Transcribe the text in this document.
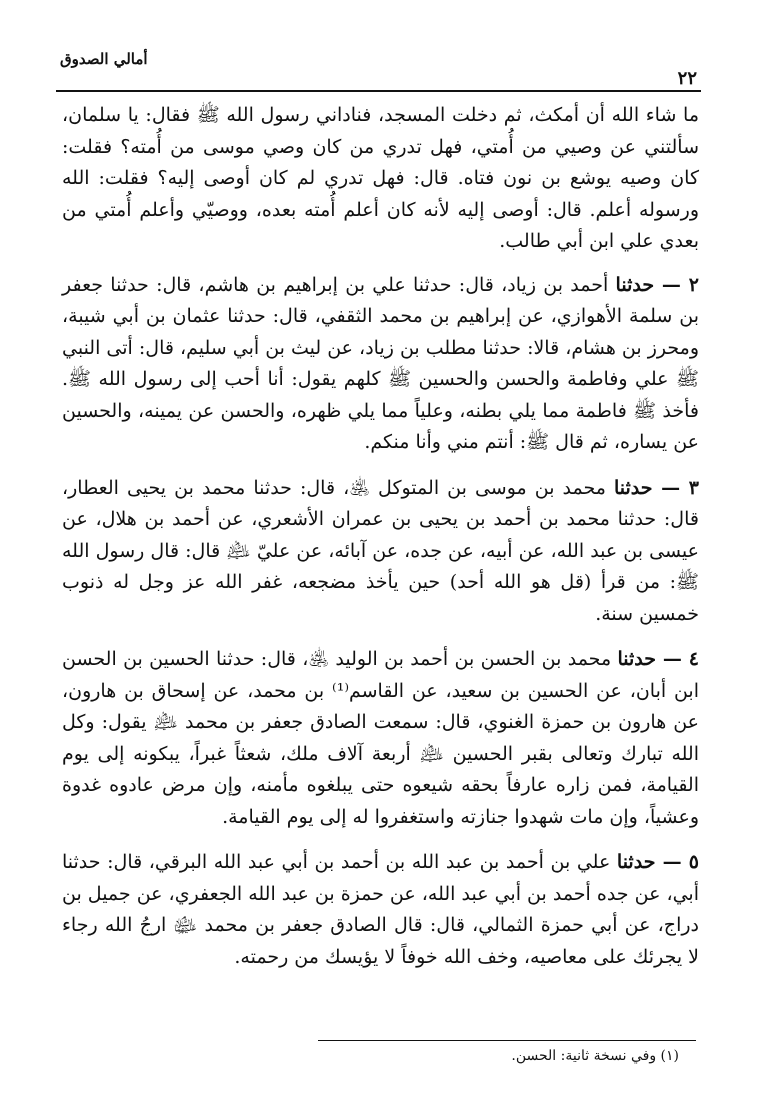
أمالي الصدوق
٢٢

ما شاء الله أن أمكث، ثم دخلت المسجد، فناداني رسول الله ﷺ فقال: يا سلمان، سألتني عن وصيي من أُمتي، فهل تدري من كان وصي موسى من أُمته؟ فقلت: كان وصيه يوشع بن نون فتاه. قال: فهل تدري لم كان أوصى إليه؟ فقلت: الله ورسوله أعلم. قال: أوصى إليه لأنه كان أعلم أُمته بعده، ووصيّي وأعلم أُمتي من بعدي علي ابن أبي طالب.

٢ — حدثنا أحمد بن زياد، قال: حدثنا علي بن إبراهيم بن هاشم، قال: حدثنا جعفر بن سلمة الأهوازي، عن إبراهيم بن محمد الثقفي، قال: حدثنا عثمان بن أبي شيبة، ومحرز بن هشام، قالا: حدثنا مطلب بن زياد، عن ليث بن أبي سليم، قال: أتى النبي ﷺ علي وفاطمة والحسن والحسين ﷺ كلهم يقول: أنا أحب إلى رسول الله ﷺ. فأخذ ﷺ فاطمة مما يلي بطنه، وعلياً مما يلي ظهره، والحسن عن يمينه، والحسين عن يساره، ثم قال ﷺ: أنتم مني وأنا منكم.

٣ — حدثنا محمد بن موسى بن المتوكل ﵁، قال: حدثنا محمد بن يحيى العطار، قال: حدثنا محمد بن أحمد بن يحيى بن عمران الأشعري، عن أحمد بن هلال، عن عيسى بن عبد الله، عن أبيه، عن جده، عن آبائه، عن عليّ ﵇ قال: قال رسول الله ﷺ: من قرأ (قل هو الله أحد) حين يأخذ مضجعه، غفر الله عز وجل له ذنوب خمسين سنة.

٤ — حدثنا محمد بن الحسن بن أحمد بن الوليد ﵁، قال: حدثنا الحسين بن الحسن ابن أبان، عن الحسين بن سعيد، عن القاسم⁽¹⁾ بن محمد، عن إسحاق بن هارون، عن هارون بن حمزة الغنوي، قال: سمعت الصادق جعفر بن محمد ﵇ يقول: وكل الله تبارك وتعالى بقبر الحسين ﵇ أربعة آلاف ملك، شعثاً غبراً، يبكونه إلى يوم القيامة، فمن زاره عارفاً بحقه شيعوه حتى يبلغوه مأمنه، وإن مرض عادوه غدوة وعشياً، وإن مات شهدوا جنازته واستغفروا له إلى يوم القيامة.

٥ — حدثنا علي بن أحمد بن عبد الله بن أحمد بن أبي عبد الله البرقي، قال: حدثنا أبي، عن جده أحمد بن أبي عبد الله، عن حمزة بن عبد الله الجعفري، عن جميل بن دراج، عن أبي حمزة الثمالي، قال: قال الصادق جعفر بن محمد ﵉ ارجُ الله رجاء لا يجرئك على معاصيه، وخف الله خوفاً لا يؤيسك من رحمته.

(١) وفي نسخة ثانية: الحسن.
